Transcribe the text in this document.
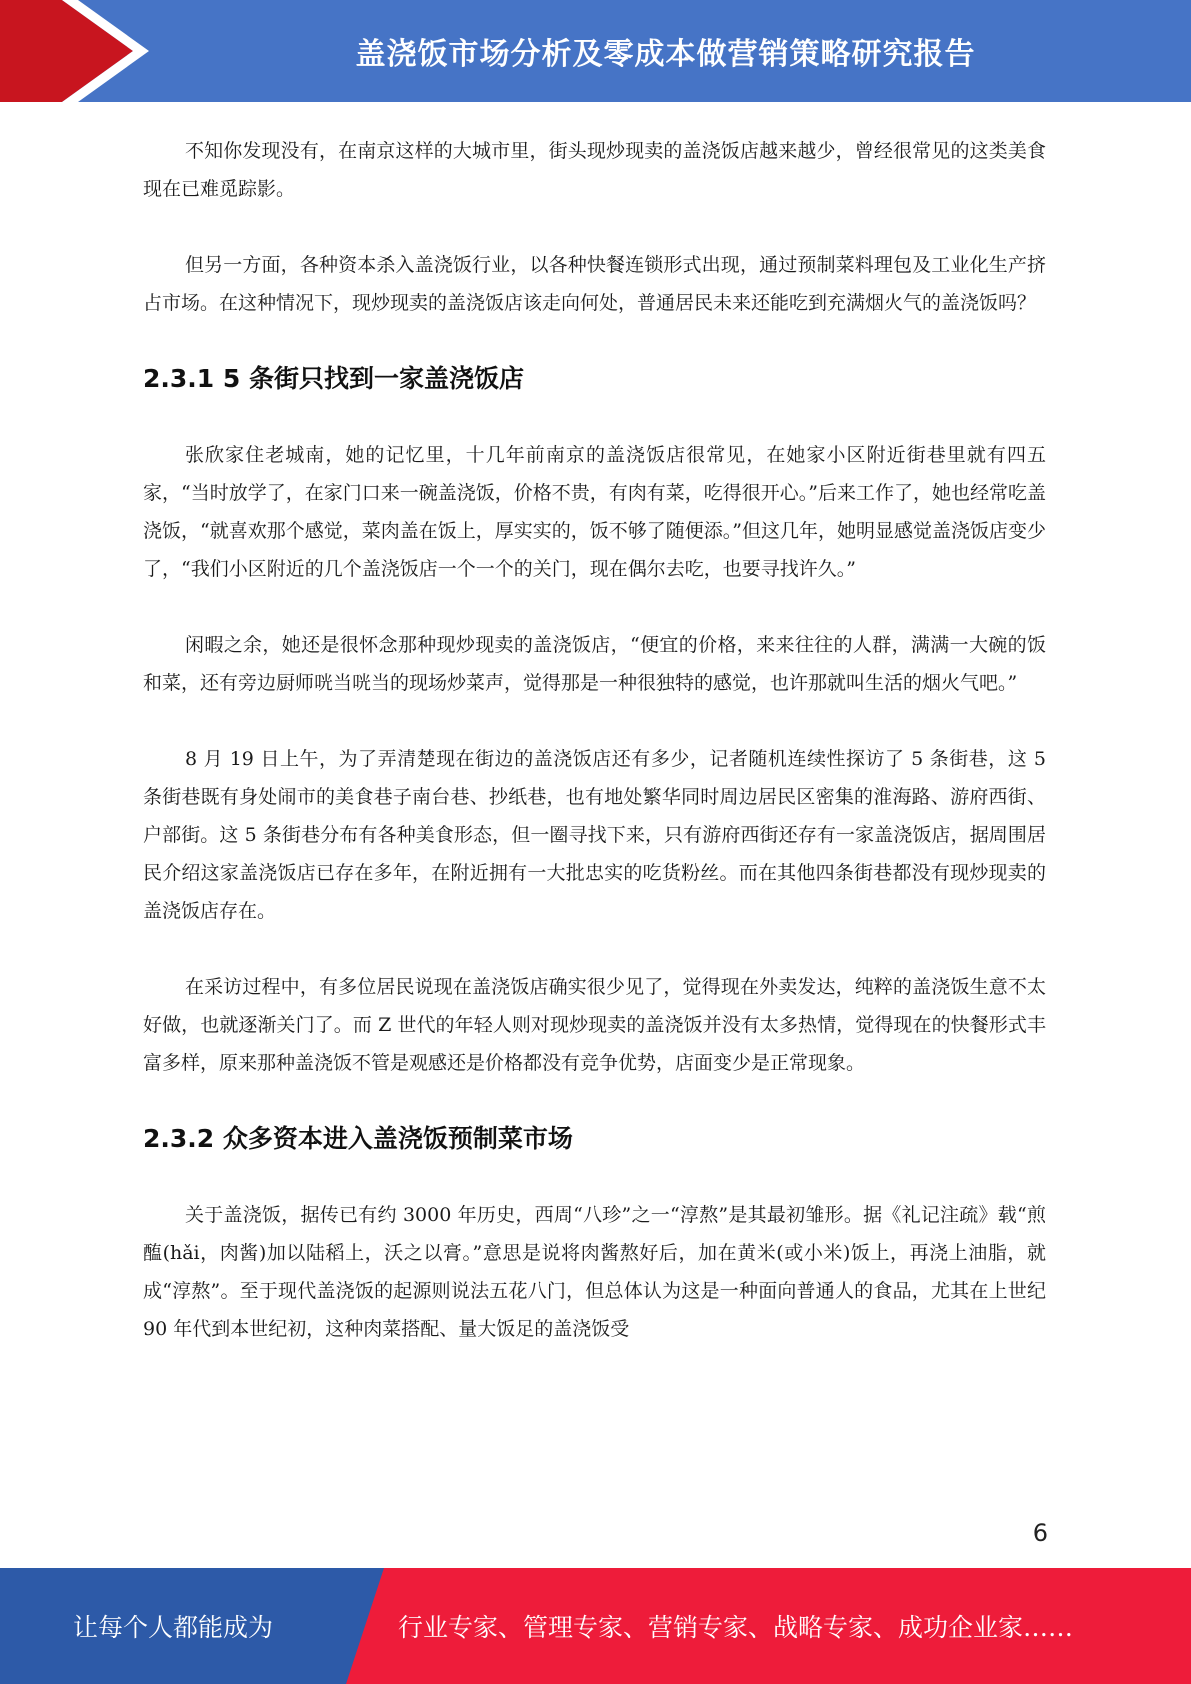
盖浇饭市场分析及零成本做营销策略研究报告

不知你发现没有，在南京这样的大城市里，街头现炒现卖的盖浇饭店越来越少，曾经很常见的这类美食现在已难觅踪影。

但另一方面，各种资本杀入盖浇饭行业，以各种快餐连锁形式出现，通过预制菜料理包及工业化生产挤占市场。在这种情况下，现炒现卖的盖浇饭店该走向何处，普通居民未来还能吃到充满烟火气的盖浇饭吗？

2.3.1 5 条街只找到一家盖浇饭店

张欣家住老城南，她的记忆里，十几年前南京的盖浇饭店很常见，在她家小区附近街巷里就有四五家，“当时放学了，在家门口来一碗盖浇饭，价格不贵，有肉有菜，吃得很开心。”后来工作了，她也经常吃盖浇饭，“就喜欢那个感觉，菜肉盖在饭上，厚实实的，饭不够了随便添。”但这几年，她明显感觉盖浇饭店变少了，“我们小区附近的几个盖浇饭店一个一个的关门，现在偶尔去吃，也要寻找许久。”

闲暇之余，她还是很怀念那种现炒现卖的盖浇饭店，“便宜的价格，来来往往的人群，满满一大碗的饭和菜，还有旁边厨师咣当咣当的现场炒菜声，觉得那是一种很独特的感觉，也许那就叫生活的烟火气吧。”

8 月 19 日上午，为了弄清楚现在街边的盖浇饭店还有多少，记者随机连续性探访了 5 条街巷，这 5 条街巷既有身处闹市的美食巷子南台巷、抄纸巷，也有地处繁华同时周边居民区密集的淮海路、游府西街、户部街。这 5 条街巷分布有各种美食形态，但一圈寻找下来，只有游府西街还存有一家盖浇饭店，据周围居民介绍这家盖浇饭店已存在多年，在附近拥有一大批忠实的吃货粉丝。而在其他四条街巷都没有现炒现卖的盖浇饭店存在。

在采访过程中，有多位居民说现在盖浇饭店确实很少见了，觉得现在外卖发达，纯粹的盖浇饭生意不太好做，也就逐渐关门了。而 Z 世代的年轻人则对现炒现卖的盖浇饭并没有太多热情，觉得现在的快餐形式丰富多样，原来那种盖浇饭不管是观感还是价格都没有竞争优势，店面变少是正常现象。

2.3.2 众多资本进入盖浇饭预制菜市场

关于盖浇饭，据传已有约 3000 年历史，西周“八珍”之一“淳熬”是其最初雏形。据《礼记注疏》载“煎醢(hǎi，肉酱)加以陆稻上，沃之以膏。”意思是说将肉酱熬好后，加在黄米(或小米)饭上，再浇上油脂，就成“淳熬”。至于现代盖浇饭的起源则说法五花八门，但总体认为这是一种面向普通人的食品，尤其在上世纪 90 年代到本世纪初，这种肉菜搭配、量大饭足的盖浇饭受

6
让每个人都能成为	行业专家、管理专家、营销专家、战略专家、成功企业家……
